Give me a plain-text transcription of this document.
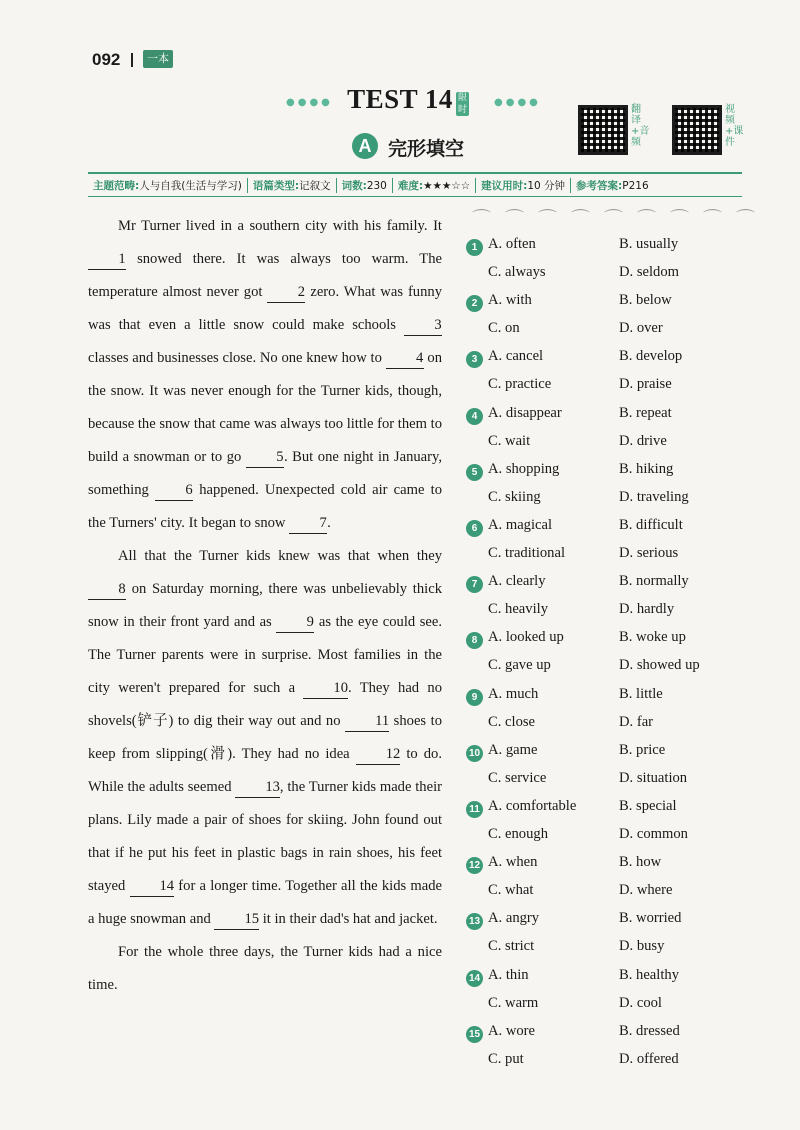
092	一本
●●●● TEST 14 限时
●●●●
A 完形填空
翻译+音频
视频+课件
主题范畴:人与自我(生活与学习)	语篇类型:记叙文	词数:230	难度:★★★☆☆	建议用时:10 分钟	参考答案:P216

Mr Turner lived in a southern city with his family. It 1 snowed there. It was always too warm. The temperature almost never got 2 zero. What was funny was that even a little snow could make schools	3 classes and businesses close. No one knew how to 4 on the snow. It was never enough for the Turner kids, though, because the snow that came was always too little for them to build a snowman or to go 5. But one night in January, something	6 happened. Unexpected cold air came to the Turners' city. It began to snow 7.

All that the Turner kids knew was that when they 8 on Saturday morning, there was unbelievably thick snow in their front yard and as 9 as the eye could see. The Turner parents were in surprise. Most families in the city weren't prepared for such a	10. They had no shovels(铲子) to dig their way out and no 11 shoes to keep from slipping(滑). They had no idea 12 to do. While the adults seemed 13, the Turner kids made their plans. Lily made a pair of shoes for skiing. John found out that if he put his feet in plastic bags in rain shoes, his feet stayed 14 for a longer time. Together all the kids made a huge snowman and 15 it in their dad's hat and jacket.

For the whole three days, the Turner kids had a nice time.

⌒⌒⌒⌒⌒⌒⌒⌒⌒
1 A. often	B. usually
C. always	D. seldom
2 A. with	B. below
C. on	D. over
3 A. cancel	B. develop
C. practice	D. praise
4 A. disappear	B. repeat
C. wait	D. drive
5 A. shopping	B. hiking
C. skiing	D. traveling
6 A. magical	B. difficult
C. traditional	D. serious
7 A. clearly	B. normally
C. heavily	D. hardly
8 A. looked up	B. woke up
C. gave up	D. showed up
9 A. much	B. little
C. close	D. far
10 A. game	B. price
C. service	D. situation
11 A. comfortable	B. special
C. enough	D. common
12 A. when	B. how
C. what	D. where
13 A. angry	B. worried
C. strict	D. busy
14 A. thin	B. healthy
C. warm	D. cool
15 A. wore	B. dressed
C. put	D. offered
